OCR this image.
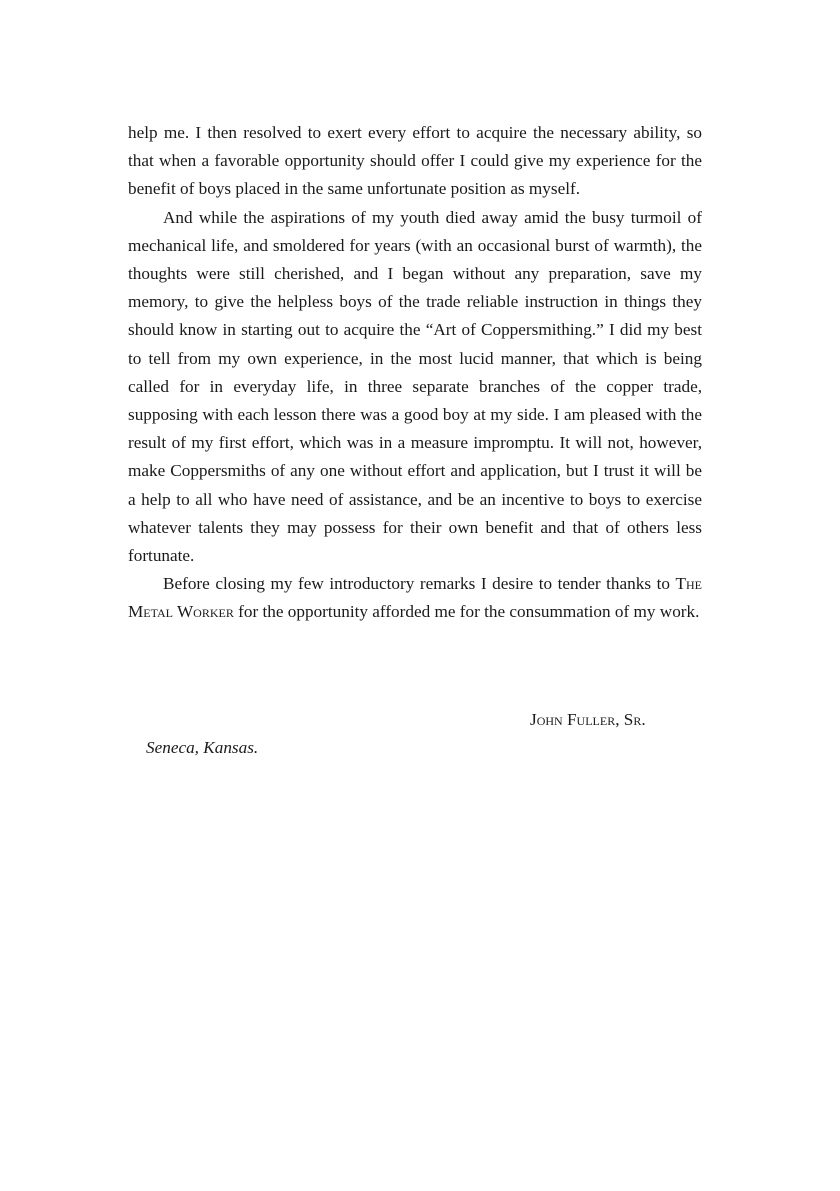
help me. I then resolved to exert every effort to acquire the necessary ability, so that when a favorable opportunity should offer I could give my experience for the benefit of boys placed in the same unfortunate position as myself.

And while the aspirations of my youth died away amid the busy turmoil of mechanical life, and smoldered for years (with an occasional burst of warmth), the thoughts were still cherished, and I began without any preparation, save my memory, to give the helpless boys of the trade reliable instruction in things they should know in starting out to acquire the “Art of Coppersmithing.” I did my best to tell from my own experience, in the most lucid manner, that which is being called for in everyday life, in three separate branches of the copper trade, supposing with each lesson there was a good boy at my side. I am pleased with the result of my first effort, which was in a measure impromptu. It will not, however, make Coppersmiths of any one without effort and application, but I trust it will be a help to all who have need of assistance, and be an incentive to boys to exercise whatever talents they may possess for their own benefit and that of others less fortunate.

Before closing my few introductory remarks I desire to tender thanks to The Metal Worker for the opportunity afforded me for the consummation of my work.

John Fuller, Sr.
Seneca, Kansas.
